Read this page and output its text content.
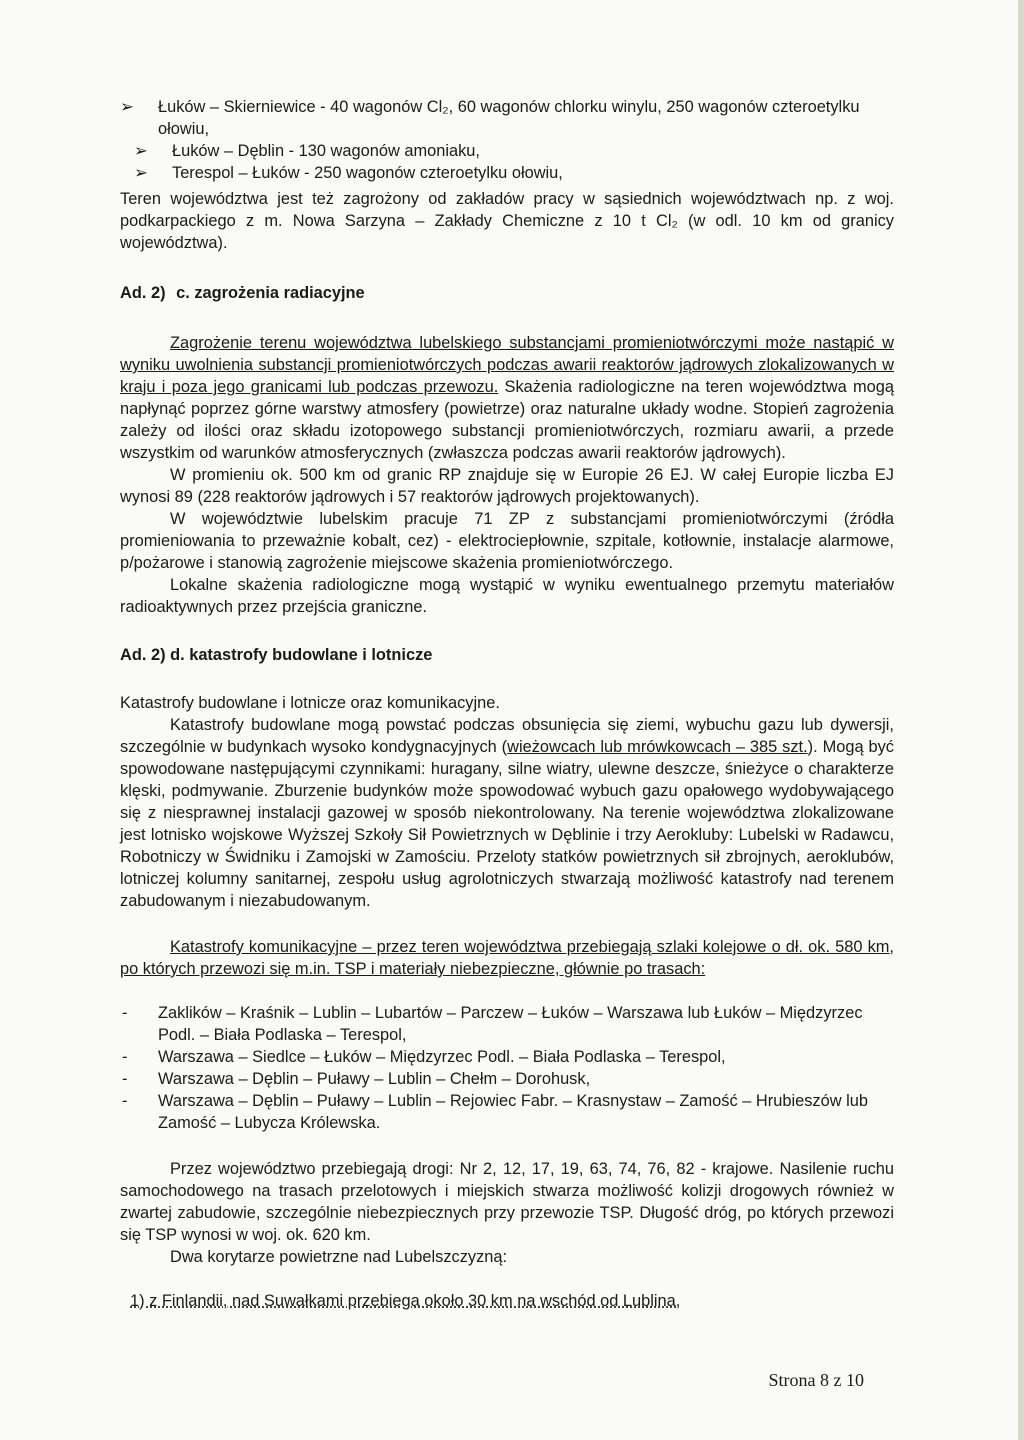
➢ Łuków – Skierniewice - 40 wagonów Cl₂, 60 wagonów chlorku winylu, 250 wagonów czteroetylku ołowiu,
➢ Łuków – Dęblin - 130 wagonów amoniaku,
➢ Terespol – Łuków - 250 wagonów czteroetylku ołowiu,

Teren województwa jest też zagrożony od zakładów pracy w sąsiednich województwach np. z woj. podkarpackiego z m. Nowa Sarzyna – Zakłady Chemiczne z 10 t Cl₂ (w odl. 10 km od granicy województwa).

Ad. 2) c. zagrożenia radiacyjne

Zagrożenie terenu województwa lubelskiego substancjami promieniotwórczymi może nastąpić w wyniku uwolnienia substancji promieniotwórczych podczas awarii reaktorów jądrowych zlokalizowanych w kraju i poza jego granicami lub podczas przewozu. Skażenia radiologiczne na teren województwa mogą napłynąć poprzez górne warstwy atmosfery (powietrze) oraz naturalne układy wodne. Stopień zagrożenia zależy od ilości oraz składu izotopowego substancji promieniotwórczych, rozmiaru awarii, a przede wszystkim od warunków atmosferycznych (zwłaszcza podczas awarii reaktorów jądrowych).

W promieniu ok. 500 km od granic RP znajduje się w Europie 26 EJ. W całej Europie liczba EJ wynosi 89 (228 reaktorów jądrowych i 57 reaktorów jądrowych projektowanych).

W województwie lubelskim pracuje 71 ZP z substancjami promieniotwórczymi (źródła promieniowania to przeważnie kobalt, cez) - elektrociepłownie, szpitale, kotłownie, instalacje alarmowe, p/pożarowe i stanowią zagrożenie miejscowe skażenia promieniotwórczego.

Lokalne skażenia radiologiczne mogą wystąpić w wyniku ewentualnego przemytu materiałów radioaktywnych przez przejścia graniczne.

Ad. 2) d. katastrofy budowlane i lotnicze

Katastrofy budowlane i lotnicze oraz komunikacyjne.

Katastrofy budowlane mogą powstać podczas obsunięcia się ziemi, wybuchu gazu lub dywersji, szczególnie w budynkach wysoko kondygnacyjnych (wieżowcach lub mrówkowcach – 385 szt.). Mogą być spowodowane następującymi czynnikami: huragany, silne wiatry, ulewne deszcze, śnieżyce o charakterze klęski, podmywanie. Zburzenie budynków może spowodować wybuch gazu opałowego wydobywającego się z niesprawnej instalacji gazowej w sposób niekontrolowany. Na terenie województwa zlokalizowane jest lotnisko wojskowe Wyższej Szkoły Sił Powietrznych w Dęblinie i trzy Aerokluby: Lubelski w Radawcu, Robotniczy w Świdniku i Zamojski w Zamościu. Przeloty statków powietrznych sił zbrojnych, aeroklubów, lotniczej kolumny sanitarnej, zespołu usług agrolotniczych stwarzają możliwość katastrofy nad terenem zabudowanym i niezabudowanym.

Katastrofy komunikacyjne – przez teren województwa przebiegają szlaki kolejowe o dł. ok. 580 km, po których przewozi się m.in. TSP i materiały niebezpieczne, głównie po trasach:

- Zaklików – Kraśnik – Lublin – Lubartów – Parczew – Łuków – Warszawa lub Łuków – Międzyrzec Podl. – Biała Podlaska – Terespol,
- Warszawa – Siedlce – Łuków – Międzyrzec Podl. – Biała Podlaska – Terespol,
- Warszawa – Dęblin – Puławy – Lublin – Chełm – Dorohusk,
- Warszawa – Dęblin – Puławy – Lublin – Rejowiec Fabr. – Krasnystaw – Zamość – Hrubieszów lub Zamość – Lubycza Królewska.

Przez województwo przebiegają drogi: Nr 2, 12, 17, 19, 63, 74, 76, 82 - krajowe. Nasilenie ruchu samochodowego na trasach przelotowych i miejskich stwarza możliwość kolizji drogowych również w zwartej zabudowie, szczególnie niebezpiecznych przy przewozie TSP. Długość dróg, po których przewozi się TSP wynosi w woj. ok. 620 km.

Dwa korytarze powietrzne nad Lubelszczyzną:

1) z Finlandii, nad Suwałkami przebiega około 30 km na wschód od Lublina,

Strona 8 z 10
